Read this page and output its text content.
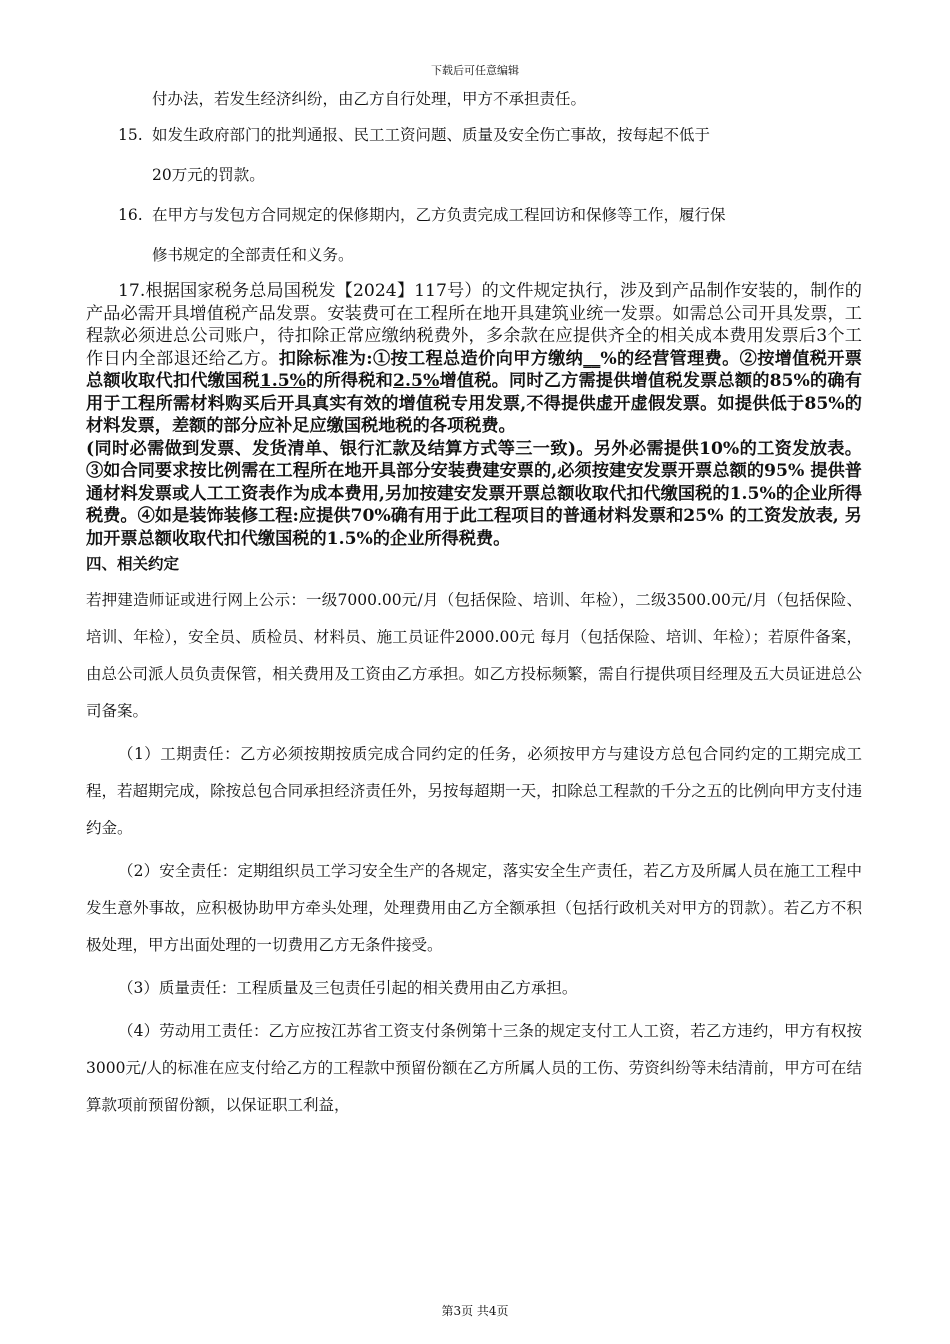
下载后可任意编辑

付办法，若发生经济纠纷，由乙方自行处理，甲方不承担责任。

15. 如发生政府部门的批判通报、民工工资问题、质量及安全伤亡事故，按每起不低于

20万元的罚款。

16. 在甲方与发包方合同规定的保修期内，乙方负责完成工程回访和保修等工作，履行保

修书规定的全部责任和义务。

17.根据国家税务总局国税发【2024】117号）的文件规定执行，涉及到产品制作安装的，制作的产品必需开具增值税产品发票。安装费可在工程所在地开具建筑业统一发票。如需总公司开具发票，工程款必须进总公司账户，待扣除正常应缴纳税费外，多余款在应提供齐全的相关成本费用发票后3个工作日内全部退还给乙方。扣除标准为:①按工程总造价向甲方缴纳__%的经营管理费。②按增值税开票总额收取代扣代缴国税1.5%的所得税和2.5%增值税。同时乙方需提供增值税发票总额的85%的确有用于工程所需材料购买后开具真实有效的增值税专用发票,不得提供虚开虚假发票。如提供低于85%的材料发票，差额的部分应补足应缴国税地税的各项税费。

(同时必需做到发票、发货清单、银行汇款及结算方式等三一致)。另外必需提供10%的工资发放表。③如合同要求按比例需在工程所在地开具部分安装费建安票的,必须按建安发票开票总额的95% 提供普通材料发票或人工工资表作为成本费用,另加按建安发票开票总额收取代扣代缴国税的1.5%的企业所得税费。④如是装饰装修工程:应提供70%确有用于此工程项目的普通材料发票和25% 的工资发放表, 另加开票总额收取代扣代缴国税的1.5%的企业所得税费。

四、相关约定

若押建造师证或进行网上公示：一级7000.00元/月（包括保险、培训、年检），二级3500.00元/月（包括保险、培训、年检），安全员、质检员、材料员、施工员证件2000.00元 每月（包括保险、培训、年检）；若原件备案，由总公司派人员负责保管，相关费用及工资由乙方承担。如乙方投标频繁，需自行提供项目经理及五大员证进总公司备案。

（1）工期责任：乙方必须按期按质完成合同约定的任务，必须按甲方与建设方总包合同约定的工期完成工程，若超期完成，除按总包合同承担经济责任外，另按每超期一天，扣除总工程款的千分之五的比例向甲方支付违约金。

（2）安全责任：定期组织员工学习安全生产的各规定，落实安全生产责任，若乙方及所属人员在施工工程中发生意外事故，应积极协助甲方牵头处理，处理费用由乙方全额承担（包括行政机关对甲方的罚款）。若乙方不积极处理，甲方出面处理的一切费用乙方无条件接受。

（3）质量责任：工程质量及三包责任引起的相关费用由乙方承担。

（4）劳动用工责任：乙方应按江苏省工资支付条例第十三条的规定支付工人工资，若乙方违约，甲方有权按3000元/人的标准在应支付给乙方的工程款中预留份额在乙方所属人员的工伤、劳资纠纷等未结清前，甲方可在结算款项前预留份额，以保证职工利益，

第3页 共4页
